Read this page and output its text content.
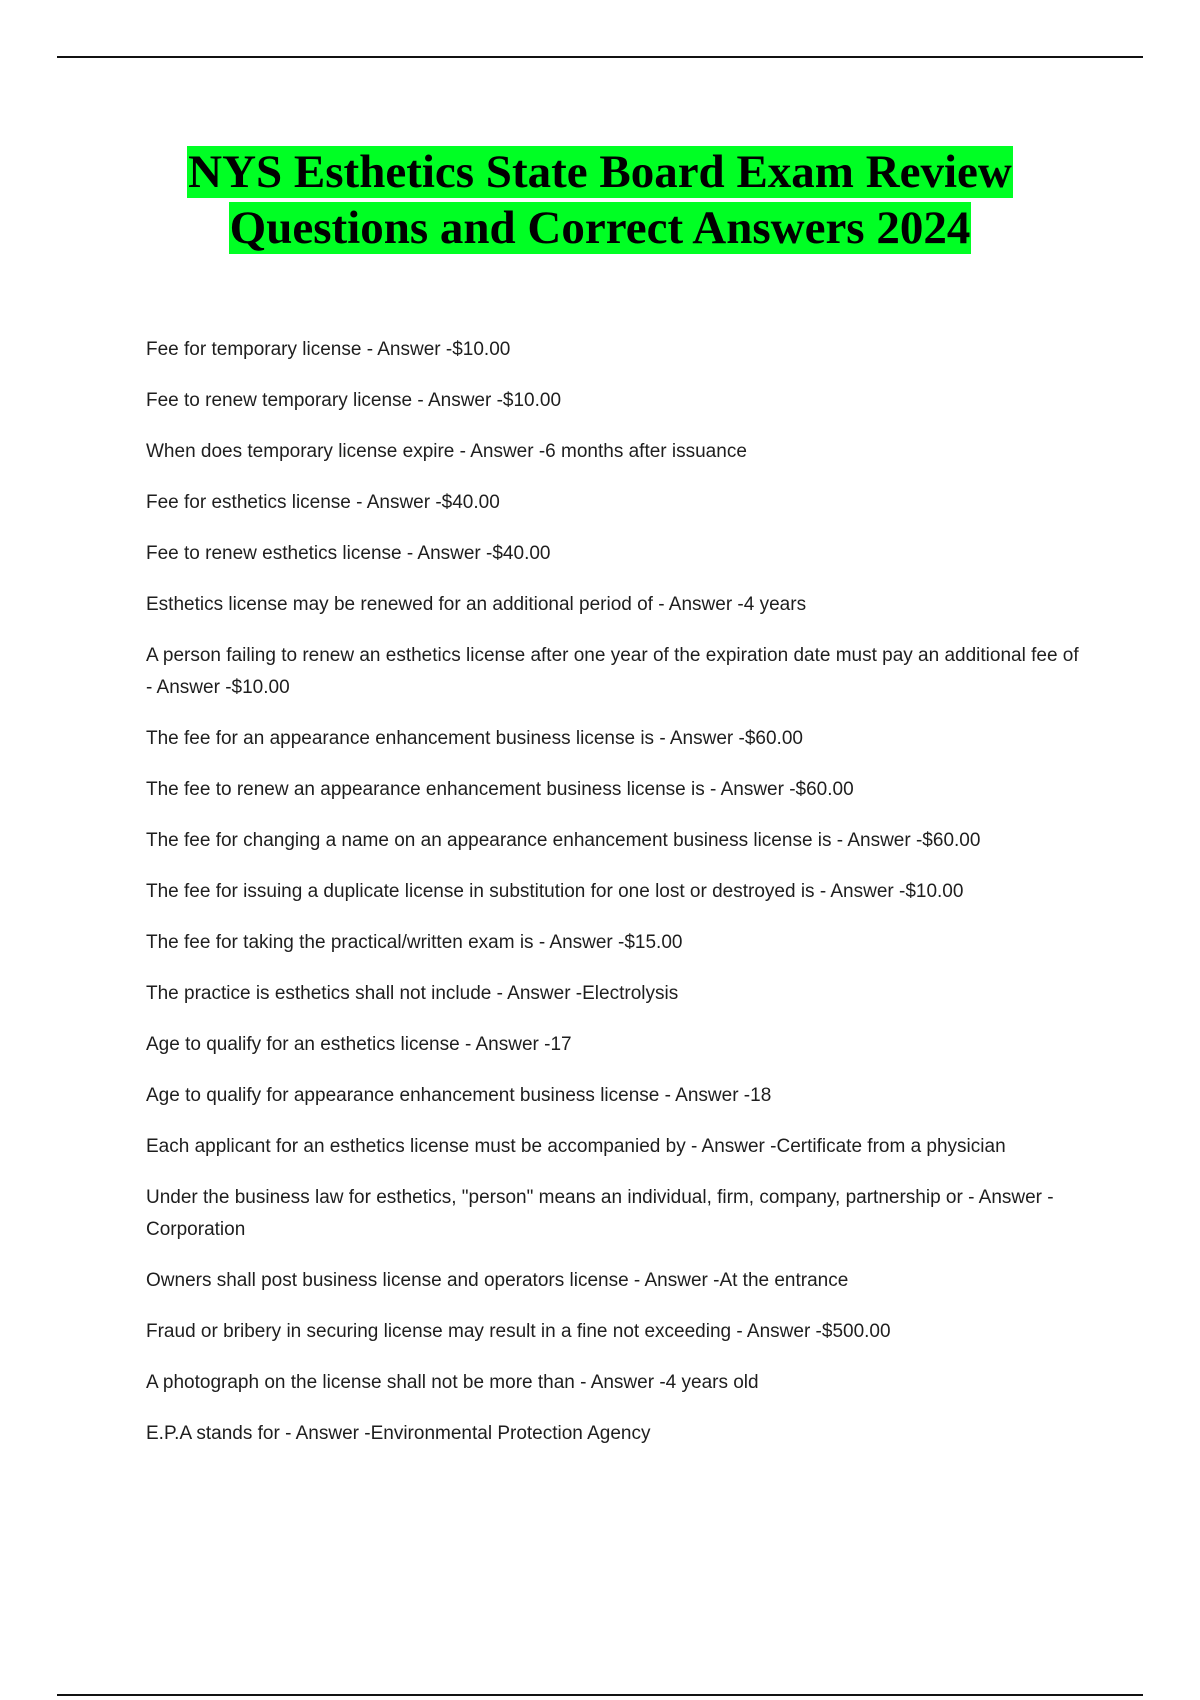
NYS Esthetics State Board Exam Review
Questions and Correct Answers 2024
Fee for temporary license - Answer -$10.00
Fee to renew temporary license - Answer -$10.00
When does temporary license expire - Answer -6 months after issuance
Fee for esthetics license - Answer -$40.00
Fee to renew esthetics license - Answer -$40.00
Esthetics license may be renewed for an additional period of - Answer -4 years
A person failing to renew an esthetics license after one year of the expiration date must pay an additional fee of - Answer -$10.00
The fee for an appearance enhancement business license is - Answer -$60.00
The fee to renew an appearance enhancement business license is - Answer -$60.00
The fee for changing a name on an appearance enhancement business license is - Answer -$60.00
The fee for issuing a duplicate license in substitution for one lost or destroyed is - Answer -$10.00
The fee for taking the practical/written exam is - Answer -$15.00
The practice is esthetics shall not include - Answer -Electrolysis
Age to qualify for an esthetics license - Answer -17
Age to qualify for appearance enhancement business license - Answer -18
Each applicant for an esthetics license must be accompanied by - Answer -Certificate from a physician
Under the business law for esthetics, "person" means an individual, firm, company, partnership or - Answer -Corporation
Owners shall post business license and operators license - Answer -At the entrance
Fraud or bribery in securing license may result in a fine not exceeding - Answer -$500.00
A photograph on the license shall not be more than - Answer -4 years old
E.P.A stands for - Answer -Environmental Protection Agency
